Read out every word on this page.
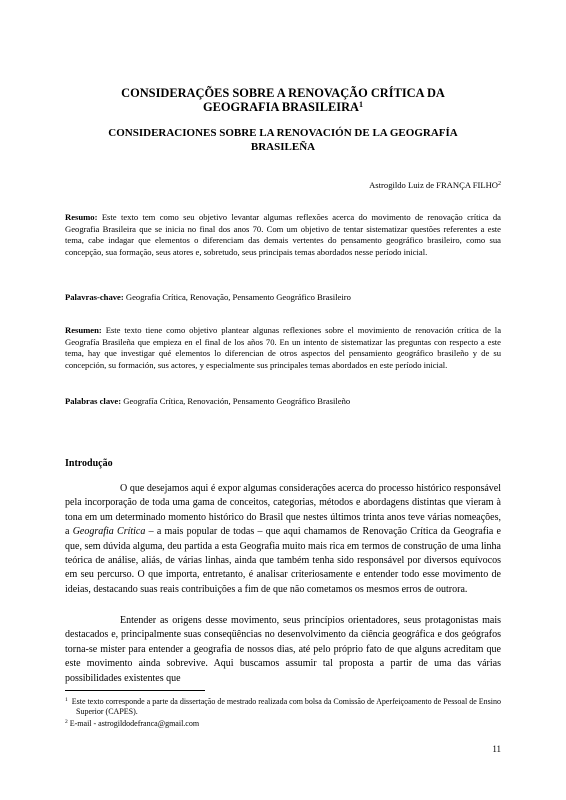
CONSIDERAÇÕES SOBRE A RENOVAÇÃO CRÍTICA DA
GEOGRAFIA BRASILEIRA$^1$
CONSIDERACIONES SOBRE LA RENOVACIÓN DE LA GEOGRAFÍA
BRASILEÑA
Astrogildo Luiz de FRANÇA FILHO$^2$
Resumo: Este texto tem como seu objetivo levantar algumas reflexões acerca do movimento de renovação crítica da Geografia Brasileira que se inicia no final dos anos 70. Com um objetivo de tentar sistematizar questões referentes a este tema, cabe indagar que elementos o diferenciam das demais vertentes do pensamento geográfico brasileiro, como sua concepção, sua formação, seus atores e, sobretudo, seus principais temas abordados nesse período inicial.
Palavras-chave: Geografia Crítica, Renovação, Pensamento Geográfico Brasileiro
Resumen: Este texto tiene como objetivo plantear algunas reflexiones sobre el movimiento de renovación crítica de la Geografía Brasileña que empieza en el final de los años 70. En un intento de sistematizar las preguntas con respecto a este tema, hay que investigar qué elementos lo diferencian de otros aspectos del pensamiento geográfico brasileño y de su concepción, su formación, sus actores, y especialmente sus principales temas abordados en este período inicial.
Palabras clave: Geografía Crítica, Renovación, Pensamento Geográfico Brasileño
Introdução

O que desejamos aqui é expor algumas considerações acerca do processo histórico responsável pela incorporação de toda uma gama de conceitos, categorias, métodos e abordagens distintas que vieram à tona em um determinado momento histórico do Brasil que nestes últimos trinta anos teve várias nomeações, a Geografia Crítica – a mais popular de todas – que aqui chamamos de Renovação Crítica da Geografia e que, sem dúvida alguma, deu partida a esta Geografia muito mais rica em termos de construção de uma linha teórica de análise, aliás, de várias linhas, ainda que também tenha sido responsável por diversos equívocos em seu percurso. O que importa, entretanto, é analisar criteriosamente e entender todo esse movimento de ideias, destacando suas reais contribuições a fim de que não cometamos os mesmos erros de outrora.

Entender as origens desse movimento, seus princípios orientadores, seus protagonistas mais destacados e, principalmente suas conseqüências no desenvolvimento da ciência geográfica e dos geógrafos torna-se mister para entender a geografia de nossos dias, até pelo próprio fato de que alguns acreditam que este movimento ainda sobrevive. Aqui buscamos assumir tal proposta a partir de uma das várias possibilidades existentes que

$^1$ Este texto corresponde a parte da dissertação de mestrado realizada com bolsa da Comissão de Aperfeiçoamento de Pessoal de Ensino Superior (CAPES).
$^2$ E-mail - astrogildodefranca@gmail.com
11
